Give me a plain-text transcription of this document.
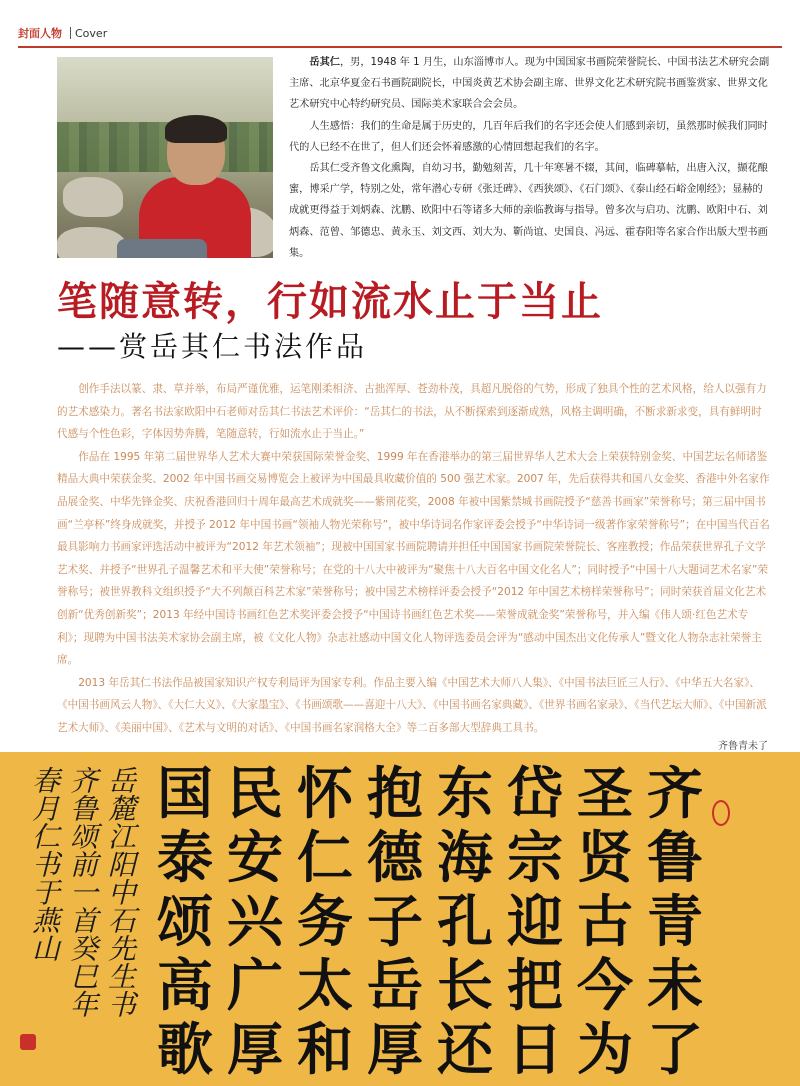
封面人物	Cover

岳其仁，男，1948 年 1 月生，山东淄博市人。现为中国国家书画院荣誉院长、中国书法艺术研究会副主席、北京华夏金石书画院副院长，中国炎黄艺术协会副主席、世界文化艺术研究院书画鉴赏家、世界文化艺术研究中心特约研究员、国际美术家联合会会员。

人生感悟：我们的生命是属于历史的，几百年后我们的名字还会使人们感到亲切，虽然那时候我们同时代的人已经不在世了，但人们还会怀着感激的心情回想起我们的名字。

岳其仁受齐鲁文化熏陶，自幼习书，勤勉刻苦，几十年寒暑不辍，其间，临碑摹帖，出唐入汉，撷花酿蜜，博采广学，特别之处，常年潜心专研《张迁碑》、《西狭颂》、《石门颂》、《泰山经石峪金刚经》；显赫的成就更得益于刘炳森、沈鹏、欧阳中石等诸多大师的亲临教诲与指导。曾多次与启功、沈鹏、欧阳中石、刘炳森、范曾、邹德忠、黄永玉、刘文西、刘大为、靳尚谊、史国良、冯远、霍春阳等名家合作出版大型书画集。

笔随意转，行如流水止于当止
——赏岳其仁书法作品

创作手法以篆、隶、草并举，布局严谨优雅，运笔刚柔相济、古拙浑厚、苍劲朴茂，具超凡脱俗的气势，形成了独具个性的艺术风格，给人以强有力的艺术感染力。著名书法家欧阳中石老师对岳其仁书法艺术评价：“岳其仁的书法，从不断探索到逐渐成熟，风格主调明确，不断求新求变，具有鲜明时代感与个性色彩，字体因势奔腾，笔随意转，行如流水止于当止。”

作品在 1995 年第二届世界华人艺术大赛中荣获国际荣誉金奖、1999 年在香港举办的第三届世界华人艺术大会上荣获特别金奖、中国艺坛名师诸鉴精品大典中荣获金奖、2002 年中国书画交易博览会上被评为中国最具收藏价值的 500 强艺术家。2007 年，先后获得共和国八女金奖、香港中外名家作品展金奖、中华先锋金奖、庆祝香港回归十周年最高艺术成就奖——紫荆花奖，2008 年被中国紫禁城书画院授予“慈善书画家”荣誉称号；第三届中国书画“兰亭杯”终身成就奖，并授予 2012 年中国书画“领袖人物光荣称号”，被中华诗词名作家评委会授予“中华诗词一级著作家荣誉称号”；在中国当代百名最具影响力书画家评选活动中被评为“2012 年艺术领袖”；现被中国国家书画院聘请并担任中国国家书画院荣誉院长、客座教授；作品荣获世界孔子文学艺术奖、并授予“世界孔子温馨艺术和平大使”荣誉称号；在党的十八大中被评为“聚焦十八大百名中国文化名人”；同时授予“中国十八大题词艺术名家”荣誉称号；被世界教科文组织授予“大不列颠百科艺术家”荣誉称号；被中国艺术榜样评委会授予“2012 年中国艺术榜样荣誉称号”；同时荣获首届文化艺术创新“优秀创新奖”；2013 年经中国诗书画红色艺术奖评委会授予“中国诗书画红色艺术奖——荣誉成就金奖”荣誉称号，并入编《伟人颂·红色艺术专利》；现聘为中国书法美术家协会副主席，被《文化人物》杂志社感动中国文化人物评选委员会评为“感动中国杰出文化传承人”暨文化人物杂志社荣誉主席。

2013 年岳其仁书法作品被国家知识产权专利局评为国家专利。作品主要入编《中国艺术大师八人集》、《中国书法巨匠三人行》、《中华五大名家》、《中国书画风云人物》、《大仁大义》、《大家墨宝》、《书画颂歌——喜迎十八大》、《中国书画名家典藏》、《世界书画名家录》、《当代艺坛大师》、《中国新派艺术大师》、《美丽中国》、《艺术与文明的对话》、《中国书画名家润格大全》等二百多部大型辞典工具书。

齐鲁青未了
国 民 怀 抱 东 岱 圣 齐
泰 安 仁 德 海 宗 贤 鲁
颂 兴 务 子 孔 迎 古 青
高 广 太 岳 长 把 今 未
歌 厚 和 厚 还 日 为 了
岳麓江阳中石先生书
齐鲁颂前一首癸巳年
春月仁书于燕山
